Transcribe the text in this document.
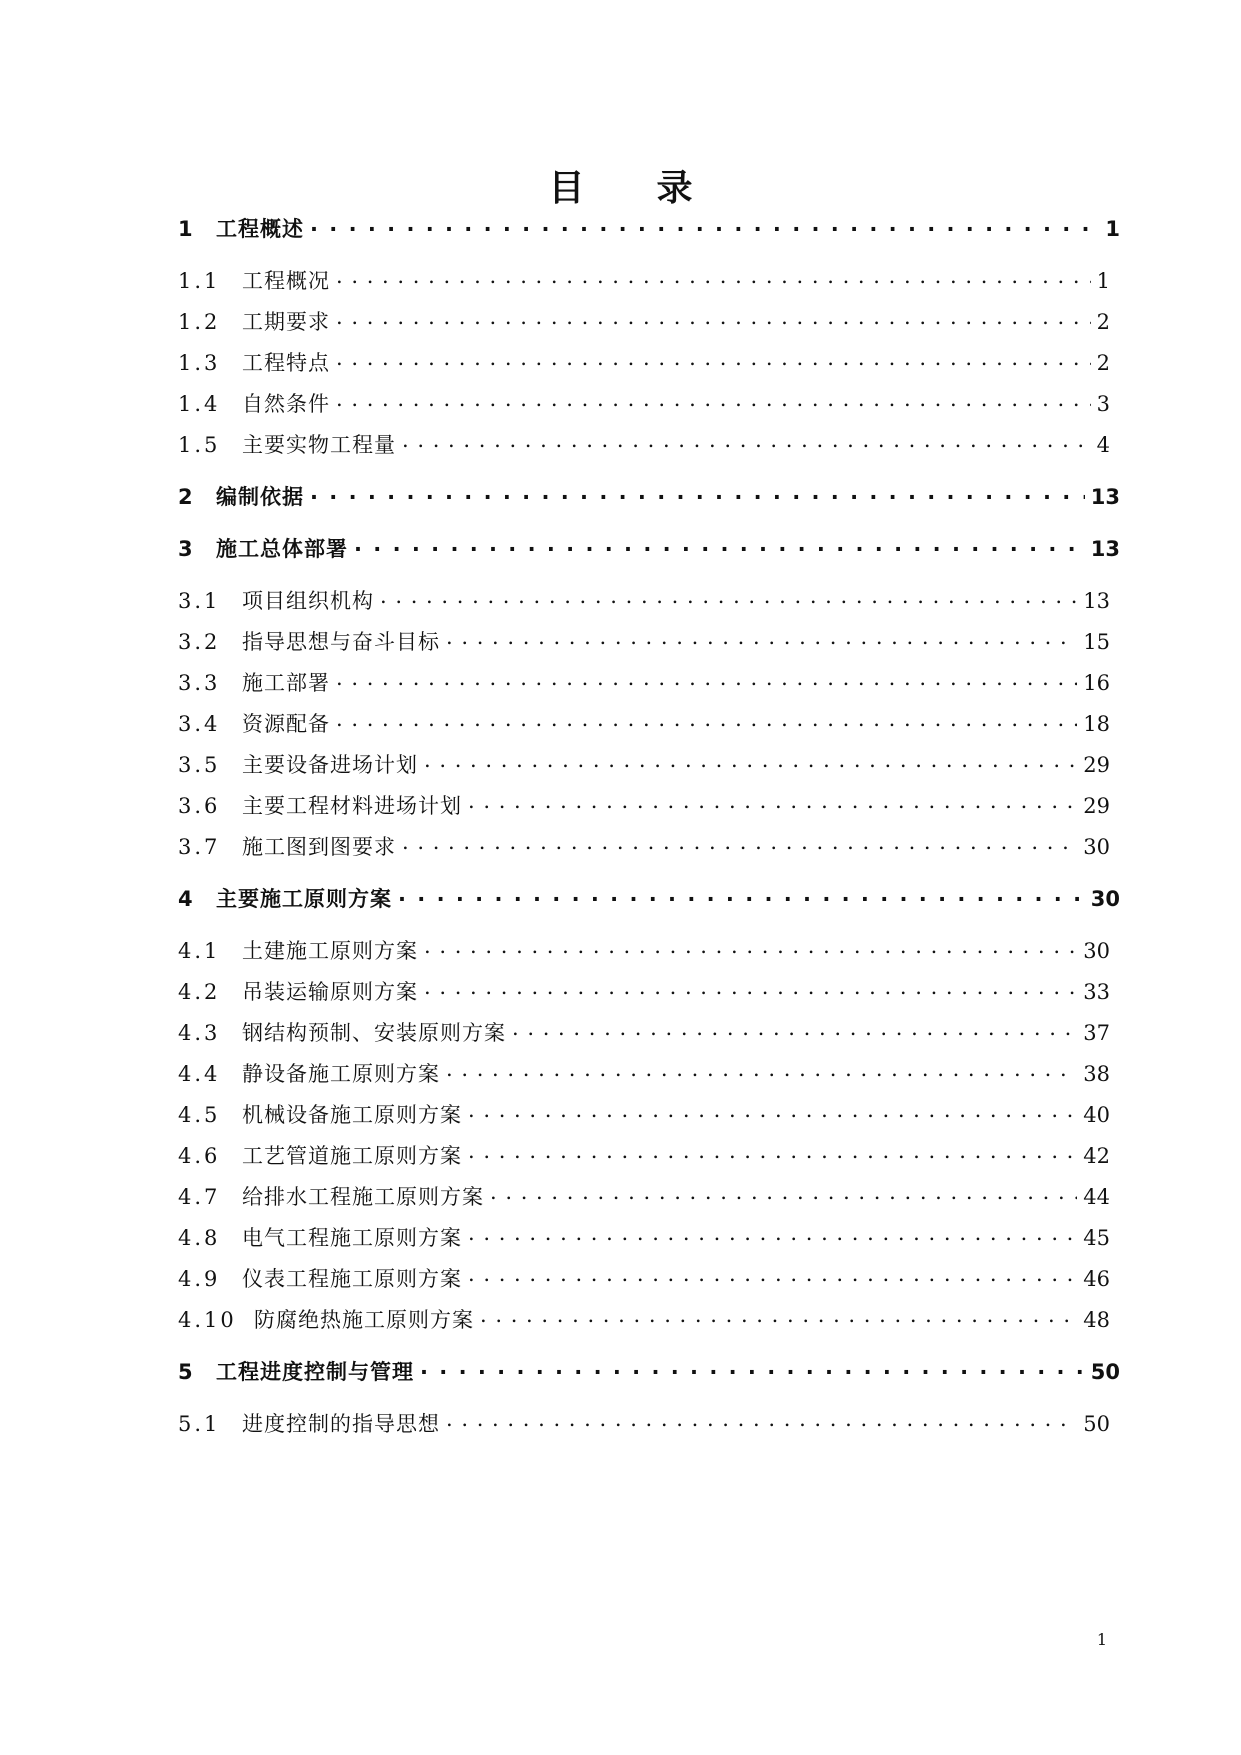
目 录
1	工程概述 . . .	1
1.1	工程概况 . . .	1
1.2	工期要求 . . .	2
1.3	工程特点 . . .	2
1.4	自然条件 . . .	3
1.5	主要实物工程量 . . .	4
2	编制依据 . . .	13
3	施工总体部署 . . .	13
3.1	项目组织机构 . . .	13
3.2	指导思想与奋斗目标 . . .	15
3.3	施工部署 . . .	16
3.4	资源配备 . . .	18
3.5	主要设备进场计划 . . .	29
3.6	主要工程材料进场计划 . . .	29
3.7	施工图到图要求 . . .	30
4	主要施工原则方案 . . .	30
4.1	土建施工原则方案 . . .	30
4.2	吊装运输原则方案 . . .	33
4.3	钢结构预制、安装原则方案 . . .	37
4.4	静设备施工原则方案 . . .	38
4.5	机械设备施工原则方案 . . .	40
4.6	工艺管道施工原则方案 . . .	42
4.7	给排水工程施工原则方案 . . .	44
4.8	电气工程施工原则方案 . . .	45
4.9	仪表工程施工原则方案 . . .	46
4.10 防腐绝热施工原则方案 . . .	48
5	工程进度控制与管理 . . .	50
5.1	进度控制的指导思想 . . .	50
1
